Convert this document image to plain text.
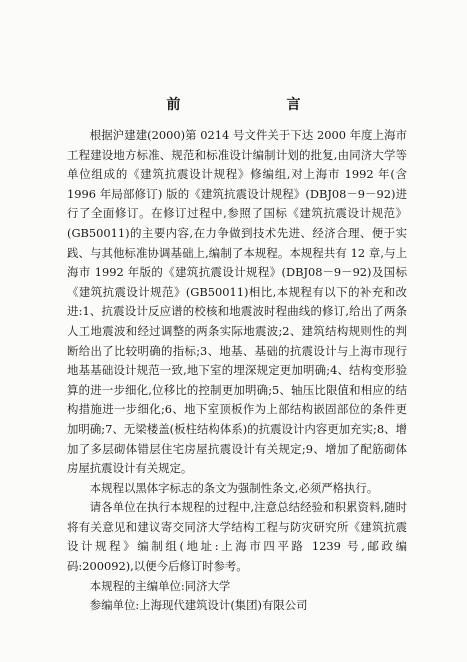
前　　言

根据沪建建(2000)第 0214 号文件关于下达 2000 年度上海市工程建设地方标准、规范和标准设计编制计划的批复,由同济大学等单位组成的《建筑抗震设计规程》修编组,对上海市 1992 年(含1996 年局部修订) 版的《建筑抗震设计规程》(DBJ08－9－92)进行了全面修订。在修订过程中,参照了国标《建筑抗震设计规范》(GB50011)的主要内容,在力争做到技术先进、经济合理、便于实践、与其他标准协调基础上,编制了本规程。本规程共有 12 章,与上海市 1992 年版的《建筑抗震设计规程》(DBJ08－9－92)及国标《建筑抗震设计规范》(GB50011)相比,本规程有以下的补充和改进:1、抗震设计反应谱的校核和地震波时程曲线的修订,给出了两条人工地震波和经过调整的两条实际地震波;2、建筑结构规则性的判断给出了比较明确的指标;3、地基、基础的抗震设计与上海市现行地基基础设计规范一致,地下室的埋深规定更加明确;4、结构变形验算的进一步细化,位移比的控制更加明确;5、轴压比限值和相应的结构措施进一步细化;6、地下室顶板作为上部结构嵌固部位的条件更加明确;7、无梁楼盖(板柱结构体系)的抗震设计内容更加充实;8、增加了多层砌体错层住宅房屋抗震设计有关规定;9、增加了配筋砌体房屋抗震设计有关规定。

本规程以黑体字标志的条文为强制性条文,必须严格执行。

请各单位在执行本规程的过程中,注意总结经验和积累资料,随时将有关意见和建议寄交同济大学结构工程与防灾研究所《建筑抗震设计规程》编制组(地址:上海市四平路 1239 号,邮政编码:200092),以便今后修订时参考。

本规程的主编单位:同济大学

参编单位:上海现代建筑设计(集团)有限公司
